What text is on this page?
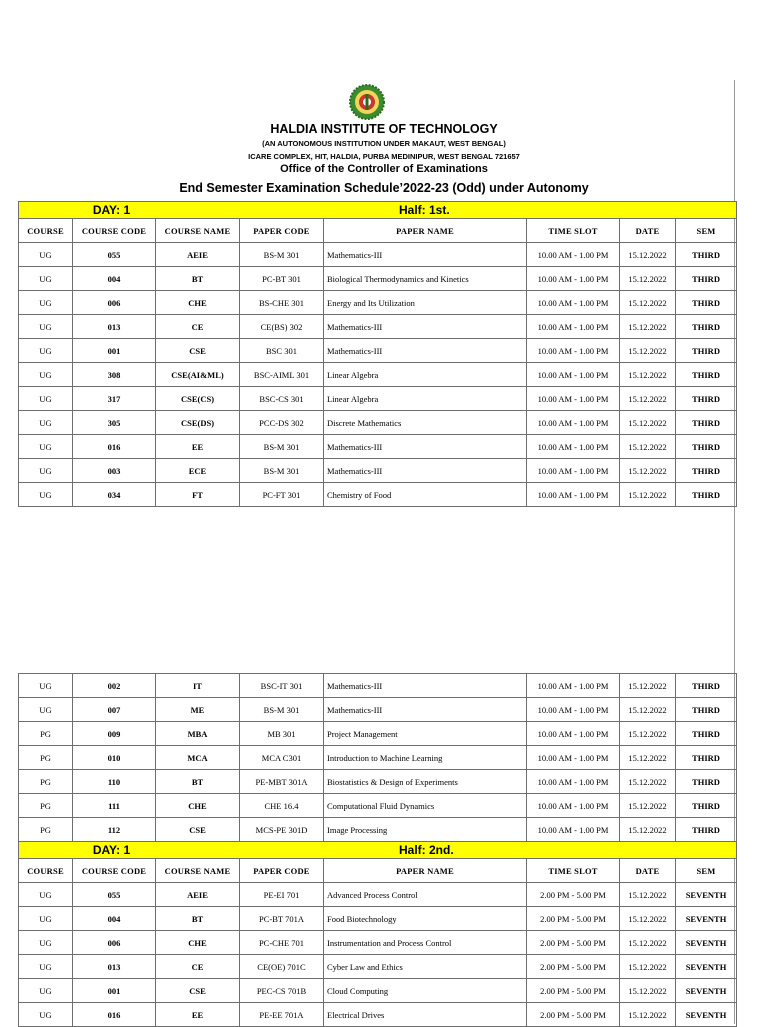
HALDIA INSTITUTE OF TECHNOLOGY
(AN AUTONOMOUS INSTITUTION UNDER MAKAUT, WEST BENGAL)
ICARE COMPLEX, HIT, HALDIA, PURBA MEDINIPUR, WEST BENGAL 721657
Office of the Controller of Examinations
End Semester Examination Schedule’2022-23 (Odd) under Autonomy
DAY: 1 Half: 1st.							
COURSE	COURSE CODE	COURSE NAME	PAPER CODE	PAPER NAME	TIME SLOT	DATE	SEM
UG	055	AEIE	BS-M 301	Mathematics-III	10.00 AM - 1.00 PM	15.12.2022	THIRD
UG	004	BT	PC-BT 301	Biological Thermodynamics and Kinetics	10.00 AM - 1.00 PM	15.12.2022	THIRD
UG	006	CHE	BS-CHE 301	Energy and Its Utilization	10.00 AM - 1.00 PM	15.12.2022	THIRD
UG	013	CE	CE(BS) 302	Mathematics-III	10.00 AM - 1.00 PM	15.12.2022	THIRD
UG	001	CSE	BSC 301	Mathematics-III	10.00 AM - 1.00 PM	15.12.2022	THIRD
UG	308	CSE(AI&ML)	BSC-AIML 301	Linear Algebra	10.00 AM - 1.00 PM	15.12.2022	THIRD
UG	317	CSE(CS)	BSC-CS 301	Linear Algebra	10.00 AM - 1.00 PM	15.12.2022	THIRD
UG	305	CSE(DS)	PCC-DS 302	Discrete Mathematics	10.00 AM - 1.00 PM	15.12.2022	THIRD
UG	016	EE	BS-M 301	Mathematics-III	10.00 AM - 1.00 PM	15.12.2022	THIRD
UG	003	ECE	BS-M 301	Mathematics-III	10.00 AM - 1.00 PM	15.12.2022	THIRD
UG	034	FT	PC-FT 301	Chemistry of Food	10.00 AM - 1.00 PM	15.12.2022	THIRD
UG	002	IT	BSC-IT 301	Mathematics-III	10.00 AM - 1.00 PM	15.12.2022	THIRD
UG	007	ME	BS-M 301	Mathematics-III	10.00 AM - 1.00 PM	15.12.2022	THIRD
PG	009	MBA	MB 301	Project Management	10.00 AM - 1.00 PM	15.12.2022	THIRD
PG	010	MCA	MCA C301	Introduction to Machine Learning	10.00 AM - 1.00 PM	15.12.2022	THIRD
PG	110	BT	PE-MBT 301A	Biostatistics & Design of Experiments	10.00 AM - 1.00 PM	15.12.2022	THIRD
PG	111	CHE	CHE 16.4	Computational Fluid Dynamics	10.00 AM - 1.00 PM	15.12.2022	THIRD
PG	112	CSE	MCS-PE 301D	Image Processing	10.00 AM - 1.00 PM	15.12.2022	THIRD
DAY: 1 Half: 2nd.							
COURSE	COURSE CODE	COURSE NAME	PAPER CODE	PAPER NAME	TIME SLOT	DATE	SEM
UG	055	AEIE	PE-EI 701	Advanced Process Control	2.00 PM - 5.00 PM	15.12.2022	SEVENTH
UG	004	BT	PC-BT 701A	Food Biotechnology	2.00 PM - 5.00 PM	15.12.2022	SEVENTH
UG	006	CHE	PC-CHE 701	Instrumentation and Process Control	2.00 PM - 5.00 PM	15.12.2022	SEVENTH
UG	013	CE	CE(OE) 701C	Cyber Law and Ethics	2.00 PM - 5.00 PM	15.12.2022	SEVENTH
UG	001	CSE	PEC-CS 701B	Cloud Computing	2.00 PM - 5.00 PM	15.12.2022	SEVENTH
UG	016	EE	PE-EE 701A	Electrical Drives	2.00 PM - 5.00 PM	15.12.2022	SEVENTH
